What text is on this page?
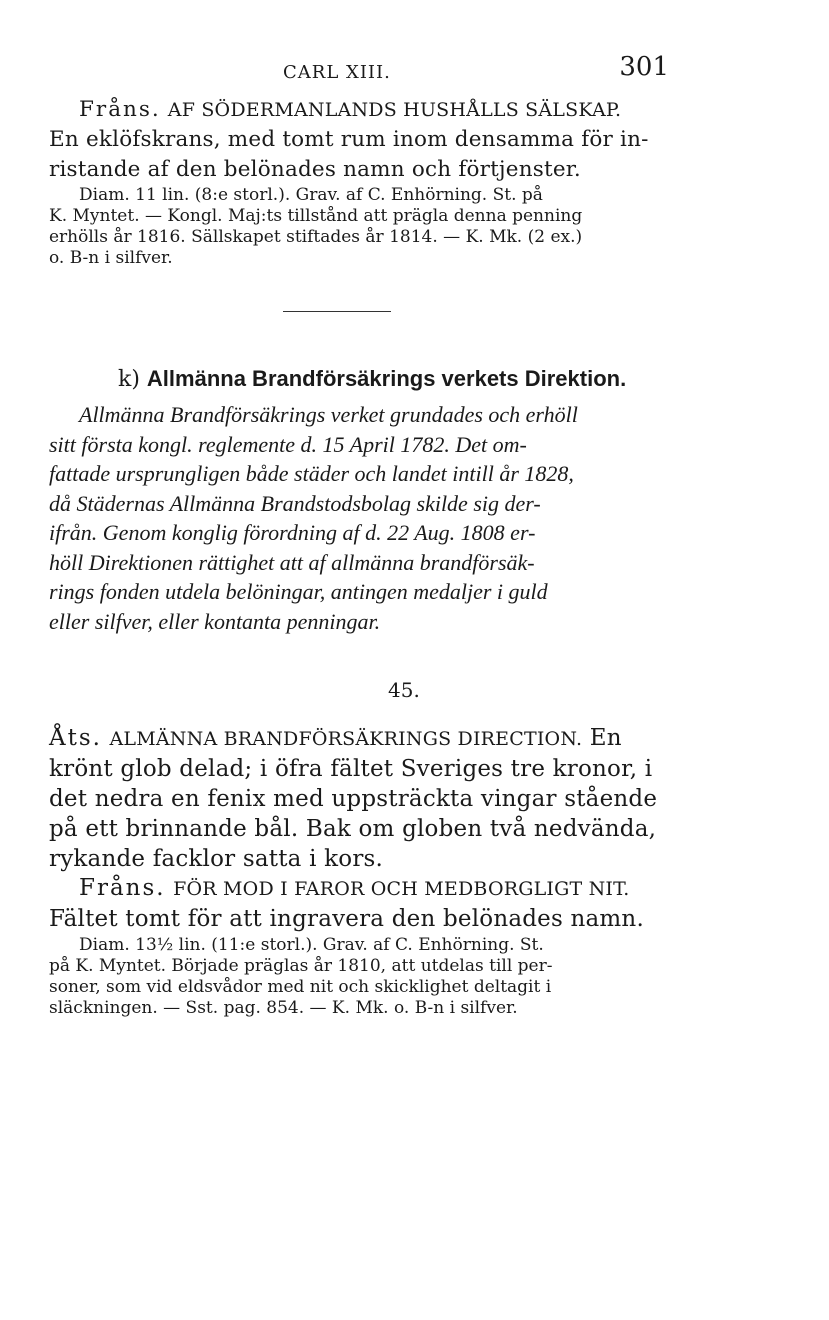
CARL XIII.	301
Fråns. AF SÖDERMANLANDS HUSHÅLLS SÄLSKAP.
En eklöfskrans, med tomt rum inom densamma för in-
ristande af den belönades namn och förtjenster.
Diam. 11 lin. (8:e storl.). Grav. af C. Enhörning. St. på
K. Myntet. — Kongl. Maj:ts tillstånd att prägla denna penning
erhölls år 1816. Sällskapet stiftades år 1814. — K. Mk. (2 ex.)
o. B-n i silfver.
k) Allmänna Brandförsäkrings verkets Direktion.
Allmänna Brandförsäkrings verket grundades och erhöll
sitt första kongl. reglemente d. 15 April 1782. Det om-
fattade ursprungligen både städer och landet intill år 1828,
då Städernas Allmänna Brandstodsbolag skilde sig der-
ifrån. Genom konglig förordning af d. 22 Aug. 1808 er-
höll Direktionen rättighet att af allmänna brandförsäk-
rings fonden utdela belöningar, antingen medaljer i guld
eller silfver, eller kontanta penningar.
45.
Åts. ALMÄNNA BRANDFÖRSÄKRINGS DIRECTION. En
krönt glob delad; i öfra fältet Sveriges tre kronor, i
det nedra en fenix med uppsträckta vingar stående
på ett brinnande bål. Bak om globen två nedvända,
rykande facklor satta i kors.
Fråns. FÖR MOD I FAROR OCH MEDBORGLIGT NIT.
Fältet tomt för att ingravera den belönades namn.
Diam. 13½ lin. (11:e storl.). Grav. af C. Enhörning. St.
på K. Myntet. Började präglas år 1810, att utdelas till per-
soner, som vid eldsvådor med nit och skicklighet deltagit i
släckningen. — Sst. pag. 854. — K. Mk. o. B-n i silfver.
